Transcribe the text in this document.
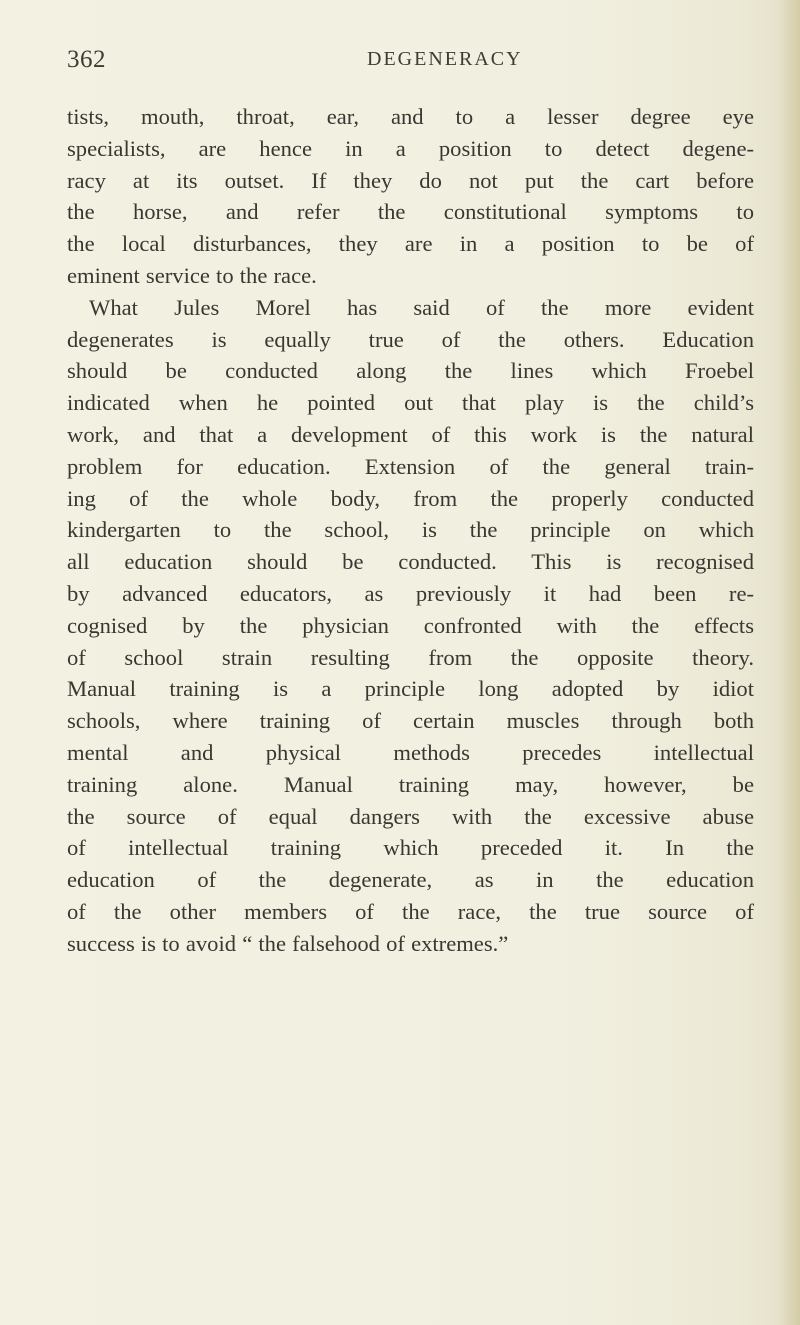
362	DEGENERACY
tists, mouth, throat, ear, and to a lesser degree eye
specialists, are hence in a position to detect degene-
racy at its outset. If they do not put the cart before
the horse, and refer the constitutional symptoms to
the local disturbances, they are in a position to be of
eminent service to the race.
What Jules Morel has said of the more evident
degenerates is equally true of the others. Education
should be conducted along the lines which Froebel
indicated when he pointed out that play is the child’s
work, and that a development of this work is the natural
problem for education. Extension of the general train-
ing of the whole body, from the properly conducted
kindergarten to the school, is the principle on which
all education should be conducted. This is recognised
by advanced educators, as previously it had been re-
cognised by the physician confronted with the effects
of school strain resulting from the opposite theory.
Manual training is a principle long adopted by idiot
schools, where training of certain muscles through both
mental and physical methods precedes intellectual
training alone. Manual training may, however, be
the source of equal dangers with the excessive abuse
of intellectual training which preceded it. In the
education of the degenerate, as in the education
of the other members of the race, the true source of
success is to avoid “ the falsehood of extremes.”
